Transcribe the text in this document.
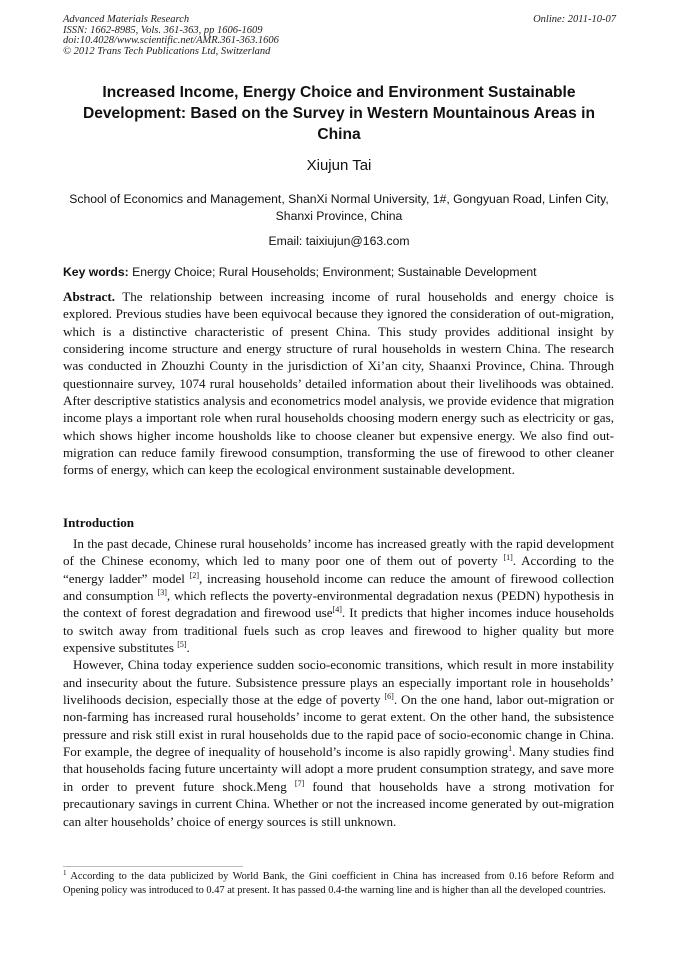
Advanced Materials Research
ISSN: 1662-8985, Vols. 361-363, pp 1606-1609
doi:10.4028/www.scientific.net/AMR.361-363.1606
© 2012 Trans Tech Publications Ltd, Switzerland
Online: 2011-10-07
Increased Income, Energy Choice and Environment Sustainable Development: Based on the Survey in Western Mountainous Areas in China
Xiujun Tai
School of Economics and Management, ShanXi Normal University, 1#, Gongyuan Road, Linfen City, Shanxi Province, China
Email: taixiujun@163.com
Key words: Energy Choice; Rural Households; Environment; Sustainable Development
Abstract. The relationship between increasing income of rural households and energy choice is explored. Previous studies have been equivocal because they ignored the consideration of out-migration, which is a distinctive characteristic of present China. This study provides additional insight by considering income structure and energy structure of rural households in western China. The research was conducted in Zhouzhi County in the jurisdiction of Xi’an city, Shaanxi Province, China. Through questionnaire survey, 1074 rural households’ detailed information about their livelihoods was obtained. After descriptive statistics analysis and econometrics model analysis, we provide evidence that migration income plays a important role when rural households choosing modern energy such as electricity or gas, which shows higher income housholds like to choose cleaner but expensive energy. We also find out-migration can reduce family firewood consumption, transforming the use of firewood to other cleaner forms of energy, which can keep the ecological environment sustainable development.
Introduction

In the past decade, Chinese rural households’ income has increased greatly with the rapid development of the Chinese economy, which led to many poor one of them out of poverty [1]. According to the “energy ladder” model [2], increasing household income can reduce the amount of firewood collection and consumption [3], which reflects the poverty-environmental degradation nexus (PEDN) hypothesis in the context of forest degradation and firewood use[4]. It predicts that higher incomes induce households to switch away from traditional fuels such as crop leaves and firewood to higher quality but more expensive substitutes [5].

However, China today experience sudden socio-economic transitions, which result in more instability and insecurity about the future. Subsistence pressure plays an especially important role in households’ livelihoods decision, especially those at the edge of poverty [6]. On the one hand, labor out-migration or non-farming has increased rural households’ income to gerat extent. On the other hand, the subsistence pressure and risk still exist in rural households due to the rapid pace of socio-economic change in China. For example, the degree of inequality of household’s income is also rapidly growing$^1$. Many studies find that households facing future uncertainty will adopt a more prudent consumption strategy, and save more in order to prevent future shock.Meng [7] found that households have a strong motivation for precautionary savings in current China. Whether or not the increased income generated by out-migration can alter households’ choice of energy sources is still unknown.

$^1$ According to the data publicized by World Bank, the Gini coefficient in China has increased from 0.16 before Reform and Opening policy was introduced to 0.47 at present. It has passed 0.4-the warning line and is higher than all the developed countries.
